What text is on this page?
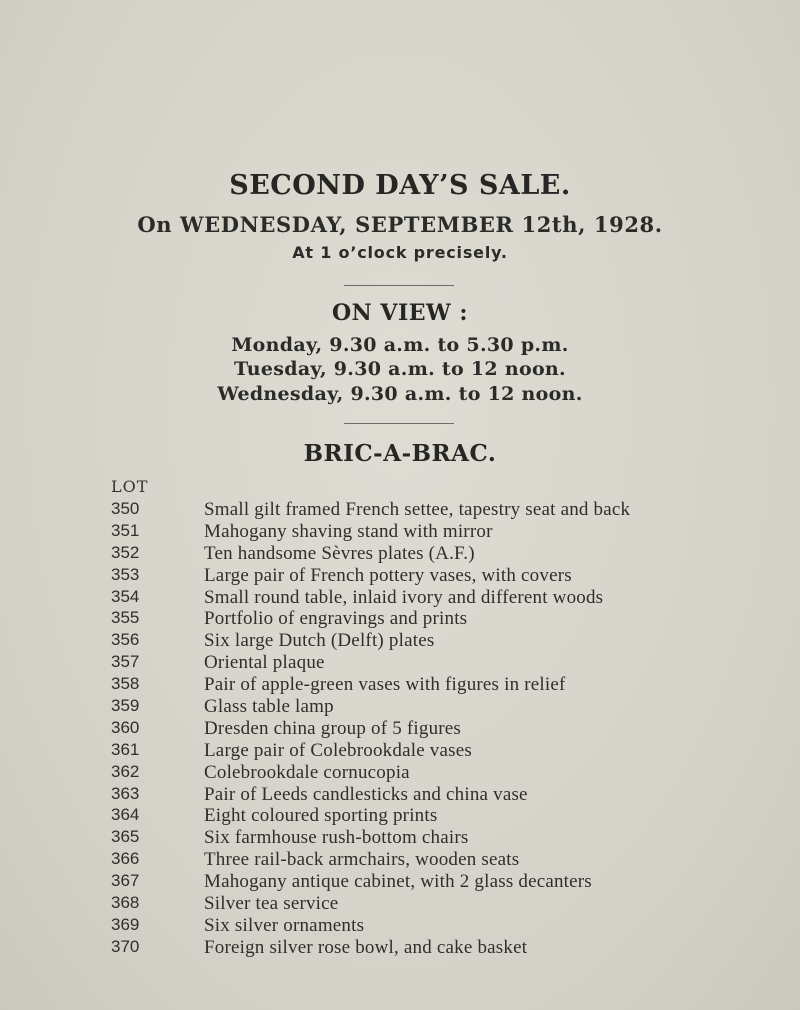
SECOND DAY’S SALE.
On WEDNESDAY, SEPTEMBER 12th, 1928.
At 1 o’clock precisely.
ON VIEW :
Monday, 9.30 a.m. to 5.30 p.m.
Tuesday, 9.30 a.m. to 12 noon.
Wednesday, 9.30 a.m. to 12 noon.
BRIC-A-BRAC.
LOT
350	Small gilt framed French settee, tapestry seat and back
351	Mahogany shaving stand with mirror
352	Ten handsome Sèvres plates (A.F.)
353	Large pair of French pottery vases, with covers
354	Small round table, inlaid ivory and different woods
355	Portfolio of engravings and prints
356	Six large Dutch (Delft) plates
357	Oriental plaque
358	Pair of apple-green vases with figures in relief
359	Glass table lamp
360	Dresden china group of 5 figures
361	Large pair of Colebrookdale vases
362	Colebrookdale cornucopia
363	Pair of Leeds candlesticks and china vase
364	Eight coloured sporting prints
365	Six farmhouse rush-bottom chairs
366	Three rail-back armchairs, wooden seats
367	Mahogany antique cabinet, with 2 glass decanters
368	Silver tea service
369	Six silver ornaments
370	Foreign silver rose bowl, and cake basket
